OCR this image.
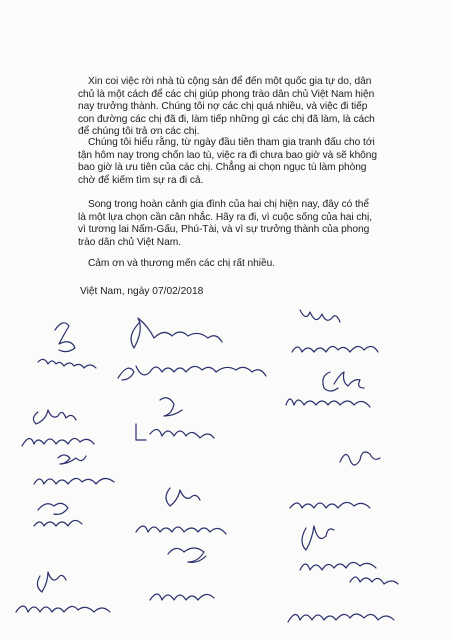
Xin coi việc rời nhà tù cộng sản để đến một quốc gia tự do, dân chủ là một cách để các chị giúp phong trào dân chủ Việt Nam hiện nay trưởng thành. Chúng tôi nợ các chị quá nhiều, và việc đi tiếp con đường các chị đã đi, làm tiếp những gì các chị đã làm, là cách để chúng tôi trả ơn các chị.
Chúng tôi hiểu rằng, từ ngày đầu tiên tham gia tranh đấu cho tới tận hôm nay trong chốn lao tù, việc ra đi chưa bao giờ và sẽ không bao giờ là ưu tiên của các chị. Chẳng ai chọn ngục tù làm phòng chờ để kiếm tìm sự ra đi cả.
Song trong hoàn cảnh gia đình của hai chị hiện nay, đây có thể là một lựa chọn cần cân nhắc. Hãy ra đi, vì cuộc sống của hai chị, vì tương lai Nấm-Gấu, Phú-Tài, và vì sự trưởng thành của phong trào dân chủ Việt Nam.
Cảm ơn và thương mến các chị rất nhiều.
Việt Nam, ngày 07/02/2018
